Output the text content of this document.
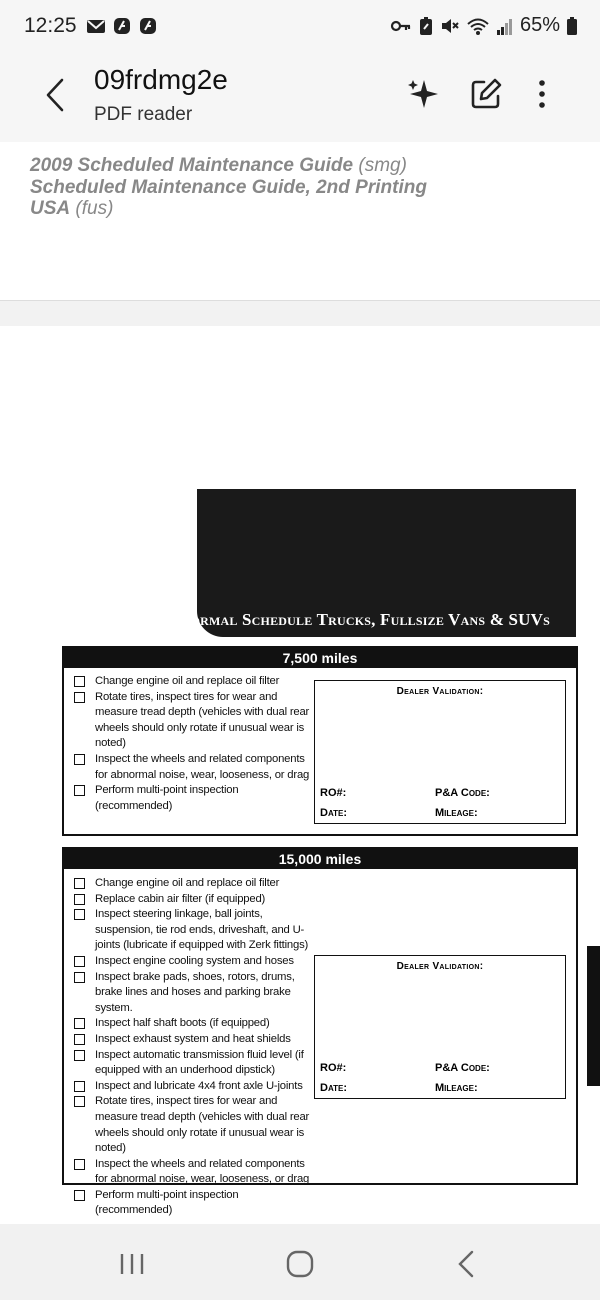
12:25	65%
09frdmg2e
PDF reader
2009 Scheduled Maintenance Guide (smg)
Scheduled Maintenance Guide, 2nd Printing
USA (fus)
Normal Schedule Trucks, Fullsize Vans & SUVs
7,500 miles
Change engine oil and replace oil filter
Rotate tires, inspect tires for wear and measure tread depth (vehicles with dual rear wheels should only rotate if unusual wear is noted)
Inspect the wheels and related components for abnormal noise, wear, looseness, or drag
Perform multi-point inspection (recommended)
Dealer Validation:
RO#:	P&A Code:
Date:	Mileage:
15,000 miles
Change engine oil and replace oil filter
Replace cabin air filter (if equipped)
Inspect steering linkage, ball joints, suspension, tie rod ends, driveshaft, and U-joints (lubricate if equipped with Zerk fittings)
Inspect engine cooling system and hoses
Inspect brake pads, shoes, rotors, drums, brake lines and hoses and parking brake system.
Inspect half shaft boots (if equipped)
Inspect exhaust system and heat shields
Inspect automatic transmission fluid level (if equipped with an underhood dipstick)
Inspect and lubricate 4x4 front axle U-joints
Rotate tires, inspect tires for wear and measure tread depth (vehicles with dual rear wheels should only rotate if unusual wear is noted)
Inspect the wheels and related components for abnormal noise, wear, looseness, or drag
Perform multi-point inspection (recommended)
Dealer Validation:
RO#:	P&A Code:
Date:	Mileage:
